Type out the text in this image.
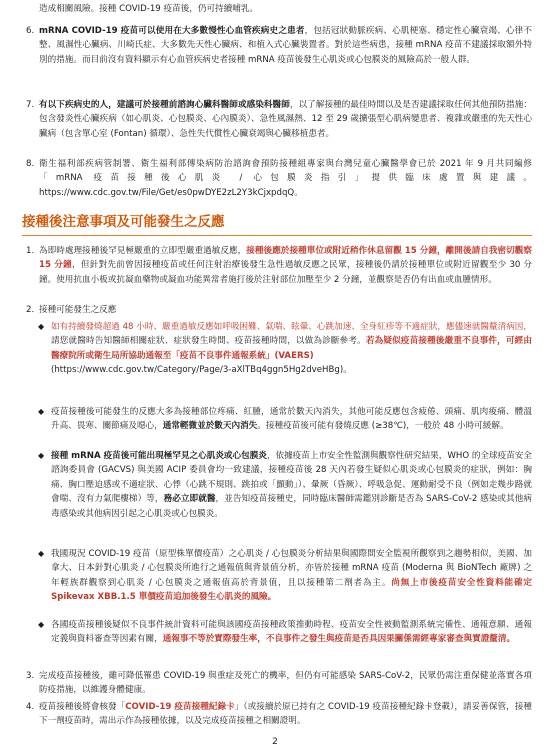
造成相關風險。接種 COVID-19 疫苗後，仍可持續哺乳。
6. mRNA COVID-19 疫苗可以使用在大多數慢性心血管疾病史之患者，包括冠狀動脈疾病、心肌梗塞、穩定性心臟衰竭、心律不整、風濕性心臟病、川崎氏症、大多數先天性心臟病、和植入式心臟裝置者。對於這些病患，接種 mRNA 疫苗不建議採取額外特別的措施。而目前沒有資料顯示有心血管疾病史者接種 mRNA 疫苗後發生心肌炎或心包膜炎的風險高於一般人群。
7. 有以下疾病史的人，建議可於接種前諮詢心臟科醫師或感染科醫師，以了解接種的最佳時間以及是否建議採取任何其他預防措施：包含發炎性心臟疾病（如心肌炎、心包膜炎、心內膜炎）、急性風濕熱、12 至 29 歲擴張型心肌病變患者、複雜或嚴重的先天性心臟病（包含單心室 (Fontan) 循環）、急性失代償性心臟衰竭與心臟移植患者。
8. 衛生福利部疾病管制署、衛生福利部傳染病防治諮詢會預防接種組專家與台灣兒童心臟醫學會已於 2021 年 9 月共同編修「mRNA 疫苗接種後心肌炎 / 心包膜炎指引」提供臨床處置與建議。https://www.cdc.gov.tw/File/Get/es0pwDYE2zL2Y3kCjxpdqQ。
接種後注意事項及可能發生之反應
1. 為即時處理接種後罕見極嚴重的立即型嚴重過敏反應，接種後應於接種單位或附近稍作休息留觀 15 分鐘，離開後請自我密切觀察 15 分鐘，但針對先前曾因接種疫苗或任何注射治療後發生急性過敏反應之民眾，接種後仍請於接種單位或附近留觀至少 30 分鐘。使用抗血小板或抗凝血藥物或凝血功能異常者施打後於注射部位加壓至少 2 分鐘，並觀察是否仍有出血或血腫情形。
2. 接種可能發生之反應
◆ 如有持續發燒超過 48 小時、嚴重過敏反應如呼吸困難、氣喘、眩暈、心跳加速、全身紅疹等不適症狀，應儘速就醫釐清病因，請您就醫時告知醫師相關症狀、症狀發生時間、疫苗接種時間，以做為診斷參考。若為疑似疫苗接種後嚴重不良事件，可經由醫療院所或衛生局所協助通報至「疫苗不良事件通報系統」(VAERS)
(https://www.cdc.gov.tw/Category/Page/3-aXlTBq4ggn5Hg2dveHBg)。
◆ 疫苗接種後可能發生的反應大多為接種部位疼痛、紅腫，通常於數天內消失，其他可能反應包含疲倦、頭痛、肌肉痠痛、體溫升高、畏寒、關節痛及噁心，通常輕微並於數天內消失。接種疫苗後可能有發燒反應 (≥38℃)，一般於 48 小時可緩解。
◆ 接種 mRNA 疫苗後可能出現極罕見之心肌炎或心包膜炎，依據疫苗上市安全性監測與觀察性研究結果，WHO 的全球疫苗安全諮詢委員會 (GACVS) 與美國 ACIP 委員會均一致建議，接種疫苗後 28 天內若發生疑似心肌炎或心包膜炎的症狀，例如：胸痛、胸口壓迫感或不適症狀、心悸（心跳不規則、跳拍或「顫動」）、暈厥（昏厥）、呼吸急促、運動耐受不良（例如走幾步路就會喘、沒有力氣爬樓梯）等，務必立即就醫，並告知疫苗接種史，同時臨床醫師需鑑別診斷是否為 SARS-CoV-2 感染或其他病毒感染或其他病因引起之心肌炎或心包膜炎。
◆ 我國現況 COVID-19 疫苗（原型株單價疫苗）之心肌炎 / 心包膜炎分析結果與國際間安全監視所觀察到之趨勢相似，美國、加拿大、日本針對心肌炎 / 心包膜炎所進行之通報值與背景值分析，亦皆於接種 mRNA 疫苗 (Moderna 與 BioNTech 廠牌) 之年輕族群觀察到心肌炎 / 心包膜炎之通報值高於背景值，且以接種第二劑者為主。尚無上市後疫苗安全性資料能確定 Spikevax XBB.1.5 單價疫苗追加後發生心肌炎的風險。
◆ 各國疫苗接種後疑似不良事件統計資料可能與該國疫苗接種政策推動時程、疫苗安全性被動監測系統完備性、通報意願、通報定義與資料審查等因素有關，通報事不等於實際發生率，不良事件之發生與疫苗是否具因果關係需經專家審查與實證釐清。
3. 完成疫苗接種後，雖可降低罹患 COVID-19 與重症及死亡的機率，但仍有可能感染 SARS-CoV-2，民眾仍需注重保健並落實各項防疫措施，以維護身體健康。
4. 疫苗接種後將會核發「COVID-19 疫苗接種紀錄卡」（或接續於原已持有之 COVID-19 疫苗接種紀錄卡登載），請妥善保管，接種下一劑疫苗時，需出示作為接種依據，以及完成疫苗接種之相關證明。
2
